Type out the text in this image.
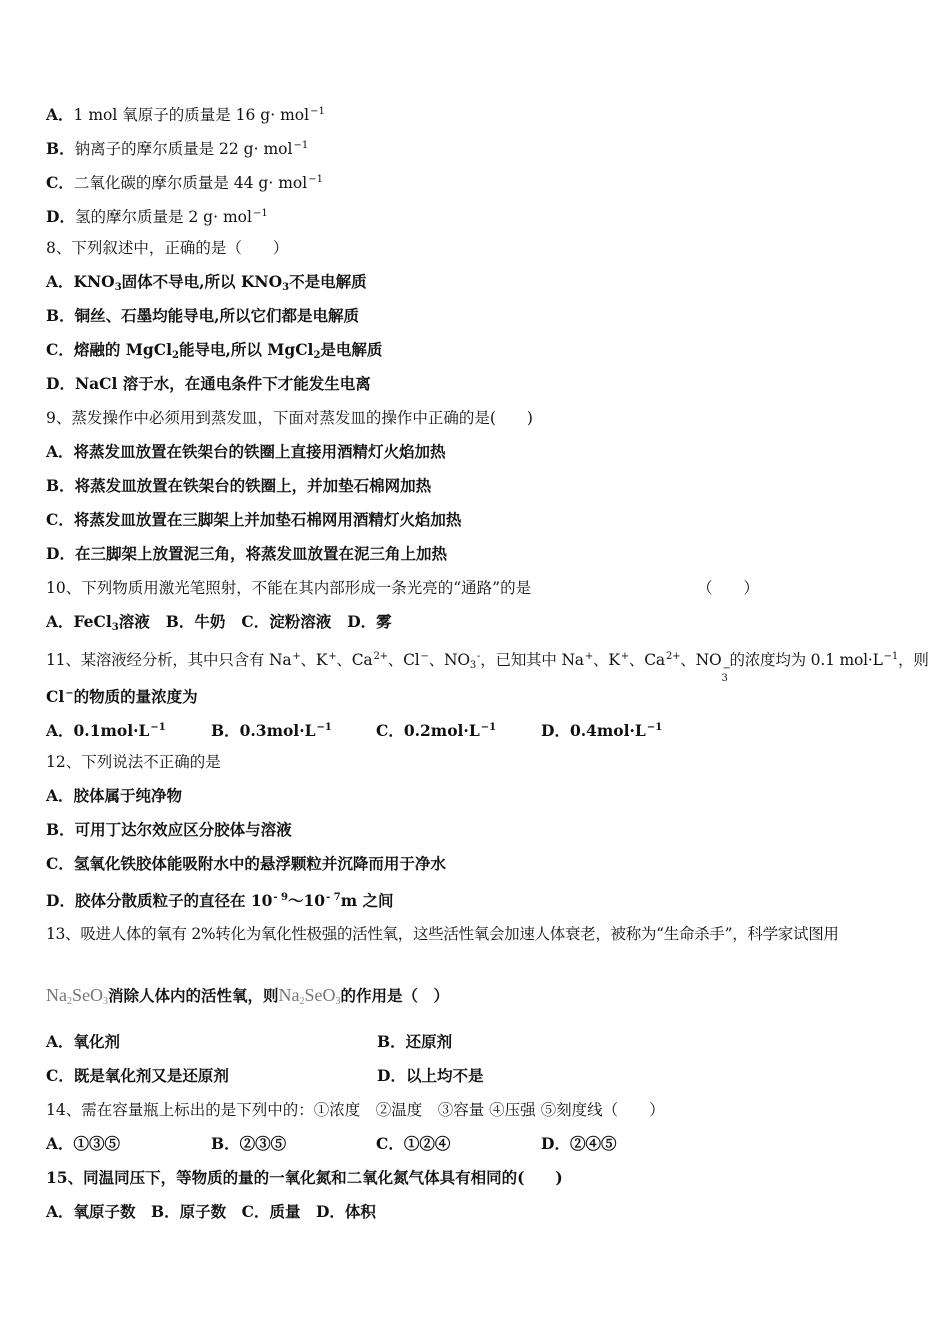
A．1 mol 氧原子的质量是 16 g· mol$^{-1}$
B．钠离子的摩尔质量是 22 g· mol$^{-1}$
C．二氧化碳的摩尔质量是 44 g· mol$^{-1}$
D．氢的摩尔质量是 2 g· mol$^{-1}$
8、下列叙述中，正确的是（　　）
A．$KNO_3$固体不导电,所以 $KNO_3$不是电解质
B．铜丝、石墨均能导电,所以它们都是电解质
C．熔融的 MgCl$_2$能导电,所以 MgCl$_2$是电解质
D．NaCl 溶于水，在通电条件下才能发生电离
9、蒸发操作中必须用到蒸发皿，下面对蒸发皿的操作中正确的是(　　)
A．将蒸发皿放置在铁架台的铁圈上直接用酒精灯火焰加热
B．将蒸发皿放置在铁架台的铁圈上，并加垫石棉网加热
C．将蒸发皿放置在三脚架上并加垫石棉网用酒精灯火焰加热
D．在三脚架上放置泥三角，将蒸发皿放置在泥三角上加热
10、下列物质用激光笔照射，不能在其内部形成一条光亮的“通路”的是	（　　）
A．FeCl$_3$溶液 B．牛奶 C．淀粉溶液 D．雾
11、某溶液经分析，其中只含有 Na+、K+、$Ca^{2+}$、Cl−、$NO_3^-$，已知其中 Na+、K+、$Ca^{2+}$、NO −
3
的浓度均为 0.1 $mol\cdot L^{-1}$，则
Cl−的物质的量浓度为
A．$0.1mol\cdot L^{-1}$	B．$0.3mol\cdot L^{-1}$	C．$0.2mol\cdot L^{-1}$	D．$0.4mol\cdot L^{-1}$
12、下列说法不正确的是
A．胶体属于纯净物
B．可用丁达尔效应区分胶体与溶液
C．氢氧化铁胶体能吸附水中的悬浮颗粒并沉降而用于净水
D．胶体分散质粒子的直径在 $10^{- 9}\sim 10^{- 7}m$ 之间
13、吸进人体的氧有 2%转化为氧化性极强的活性氧，这些活性氧会加速人体衰老，被称为“生命杀手”，科学家试图用
$Na_2SeO_3$消除人体内的活性氧，则$Na_2SeO_3$的作用是（　）
A．氧化剂	B．还原剂
C．既是氧化剂又是还原剂	D．以上均不是
14、需在容量瓶上标出的是下列中的：①浓度　②温度　③容量 ④压强 ⑤刻度线（　　）
A．①③⑤	B．②③⑤	C．①②④	D．②④⑤
15、同温同压下，等物质的量的一氧化氮和二氧化氮气体具有相同的(　　)
A．氧原子数　B．原子数　C．质量　D．体积
